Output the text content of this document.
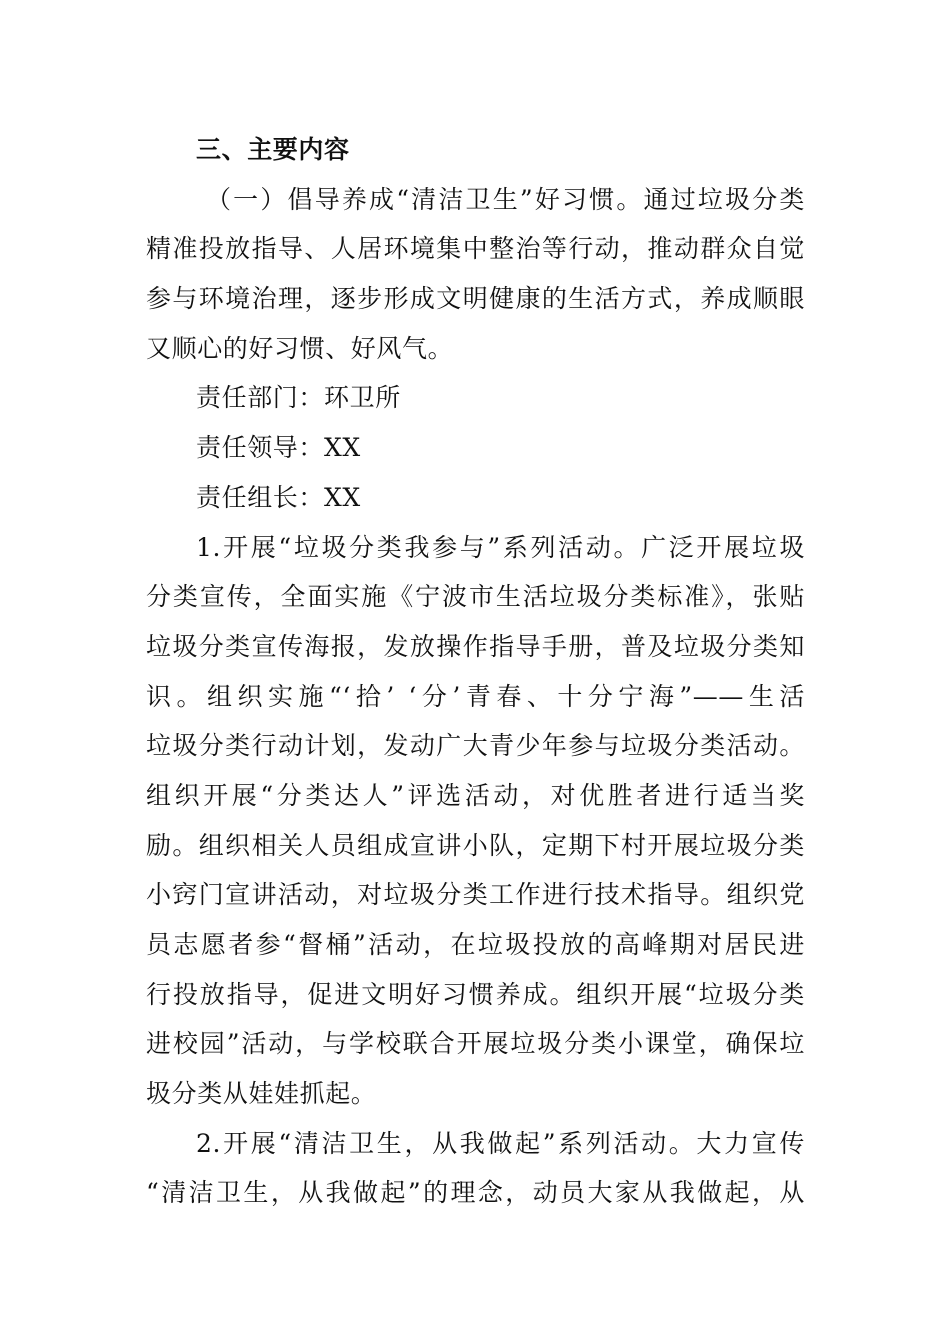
三、主要内容
（一）倡导养成“清洁卫生”好习惯。通过垃圾分类
精准投放指导、人居环境集中整治等行动，推动群众自觉
参与环境治理，逐步形成文明健康的生活方式，养成顺眼
又顺心的好习惯、好风气。
责任部门：环卫所
责任领导：XX
责任组长：XX
1.开展“垃圾分类我参与”系列活动。广泛开展垃圾
分类宣传，全面实施《宁波市生活垃圾分类标准》，张贴
垃圾分类宣传海报，发放操作指导手册，普及垃圾分类知
识。组织实施“‘拾’ ‘分’青春、十分宁海”——生活
垃圾分类行动计划，发动广大青少年参与垃圾分类活动。
组织开展“分类达人”评选活动，对优胜者进行适当奖
励。组织相关人员组成宣讲小队，定期下村开展垃圾分类
小窍门宣讲活动，对垃圾分类工作进行技术指导。组织党
员志愿者参“督桶”活动，在垃圾投放的高峰期对居民进
行投放指导，促进文明好习惯养成。组织开展“垃圾分类
进校园”活动，与学校联合开展垃圾分类小课堂，确保垃
圾分类从娃娃抓起。
2.开展“清洁卫生，从我做起”系列活动。大力宣传
“清洁卫生，从我做起”的理念，动员大家从我做起，从
